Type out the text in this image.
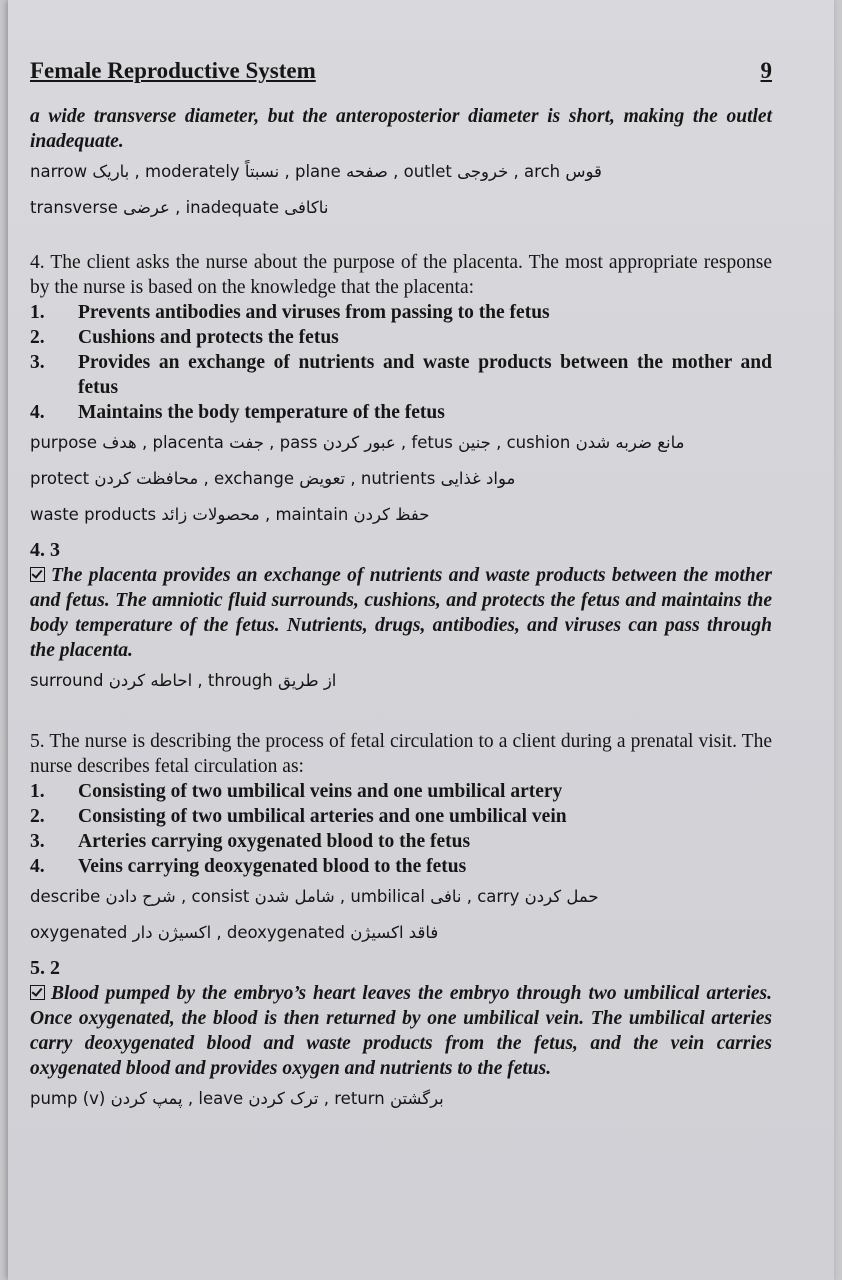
Female Reproductive System	9
a wide transverse diameter, but the anteroposterior diameter is short, making the outlet inadequate.
narrow باریک , moderately نسبتاً , plane صفحه , outlet خروجی , arch قوس
transverse عرضی , inadequate ناکافی
4. The client asks the nurse about the purpose of the placenta. The most appropriate response by the nurse is based on the knowledge that the placenta:
1.	Prevents antibodies and viruses from passing to the fetus
2.	Cushions and protects the fetus
3.	Provides an exchange of nutrients and waste products between the mother and fetus
4.	Maintains the body temperature of the fetus
purpose هدف , placenta جفت , pass عبور کردن , fetus جنین , cushion مانع ضربه شدن
protect محافظت کردن , exchange تعویض , nutrients مواد غذایی
waste products محصولات زائد , maintain حفظ کردن
4. 3
The placenta provides an exchange of nutrients and waste products between the mother and fetus. The amniotic fluid surrounds, cushions, and protects the fetus and maintains the body temperature of the fetus. Nutrients, drugs, antibodies, and viruses can pass through the placenta.
surround احاطه کردن , through از طریق
5. The nurse is describing the process of fetal circulation to a client during a prenatal visit. The nurse describes fetal circulation as:
1.	Consisting of two umbilical veins and one umbilical artery
2.	Consisting of two umbilical arteries and one umbilical vein
3.	Arteries carrying oxygenated blood to the fetus
4.	Veins carrying deoxygenated blood to the fetus
describe شرح دادن , consist شامل شدن , umbilical نافی , carry حمل کردن
oxygenated اکسیژن دار , deoxygenated فاقد اکسیژن
5. 2
Blood pumped by the embryo’s heart leaves the embryo through two umbilical arteries. Once oxygenated, the blood is then returned by one umbilical vein. The umbilical arteries carry deoxygenated blood and waste products from the fetus, and the vein carries oxygenated blood and provides oxygen and nutrients to the fetus.
pump (v) پمپ کردن , leave ترک کردن , return برگشتن
